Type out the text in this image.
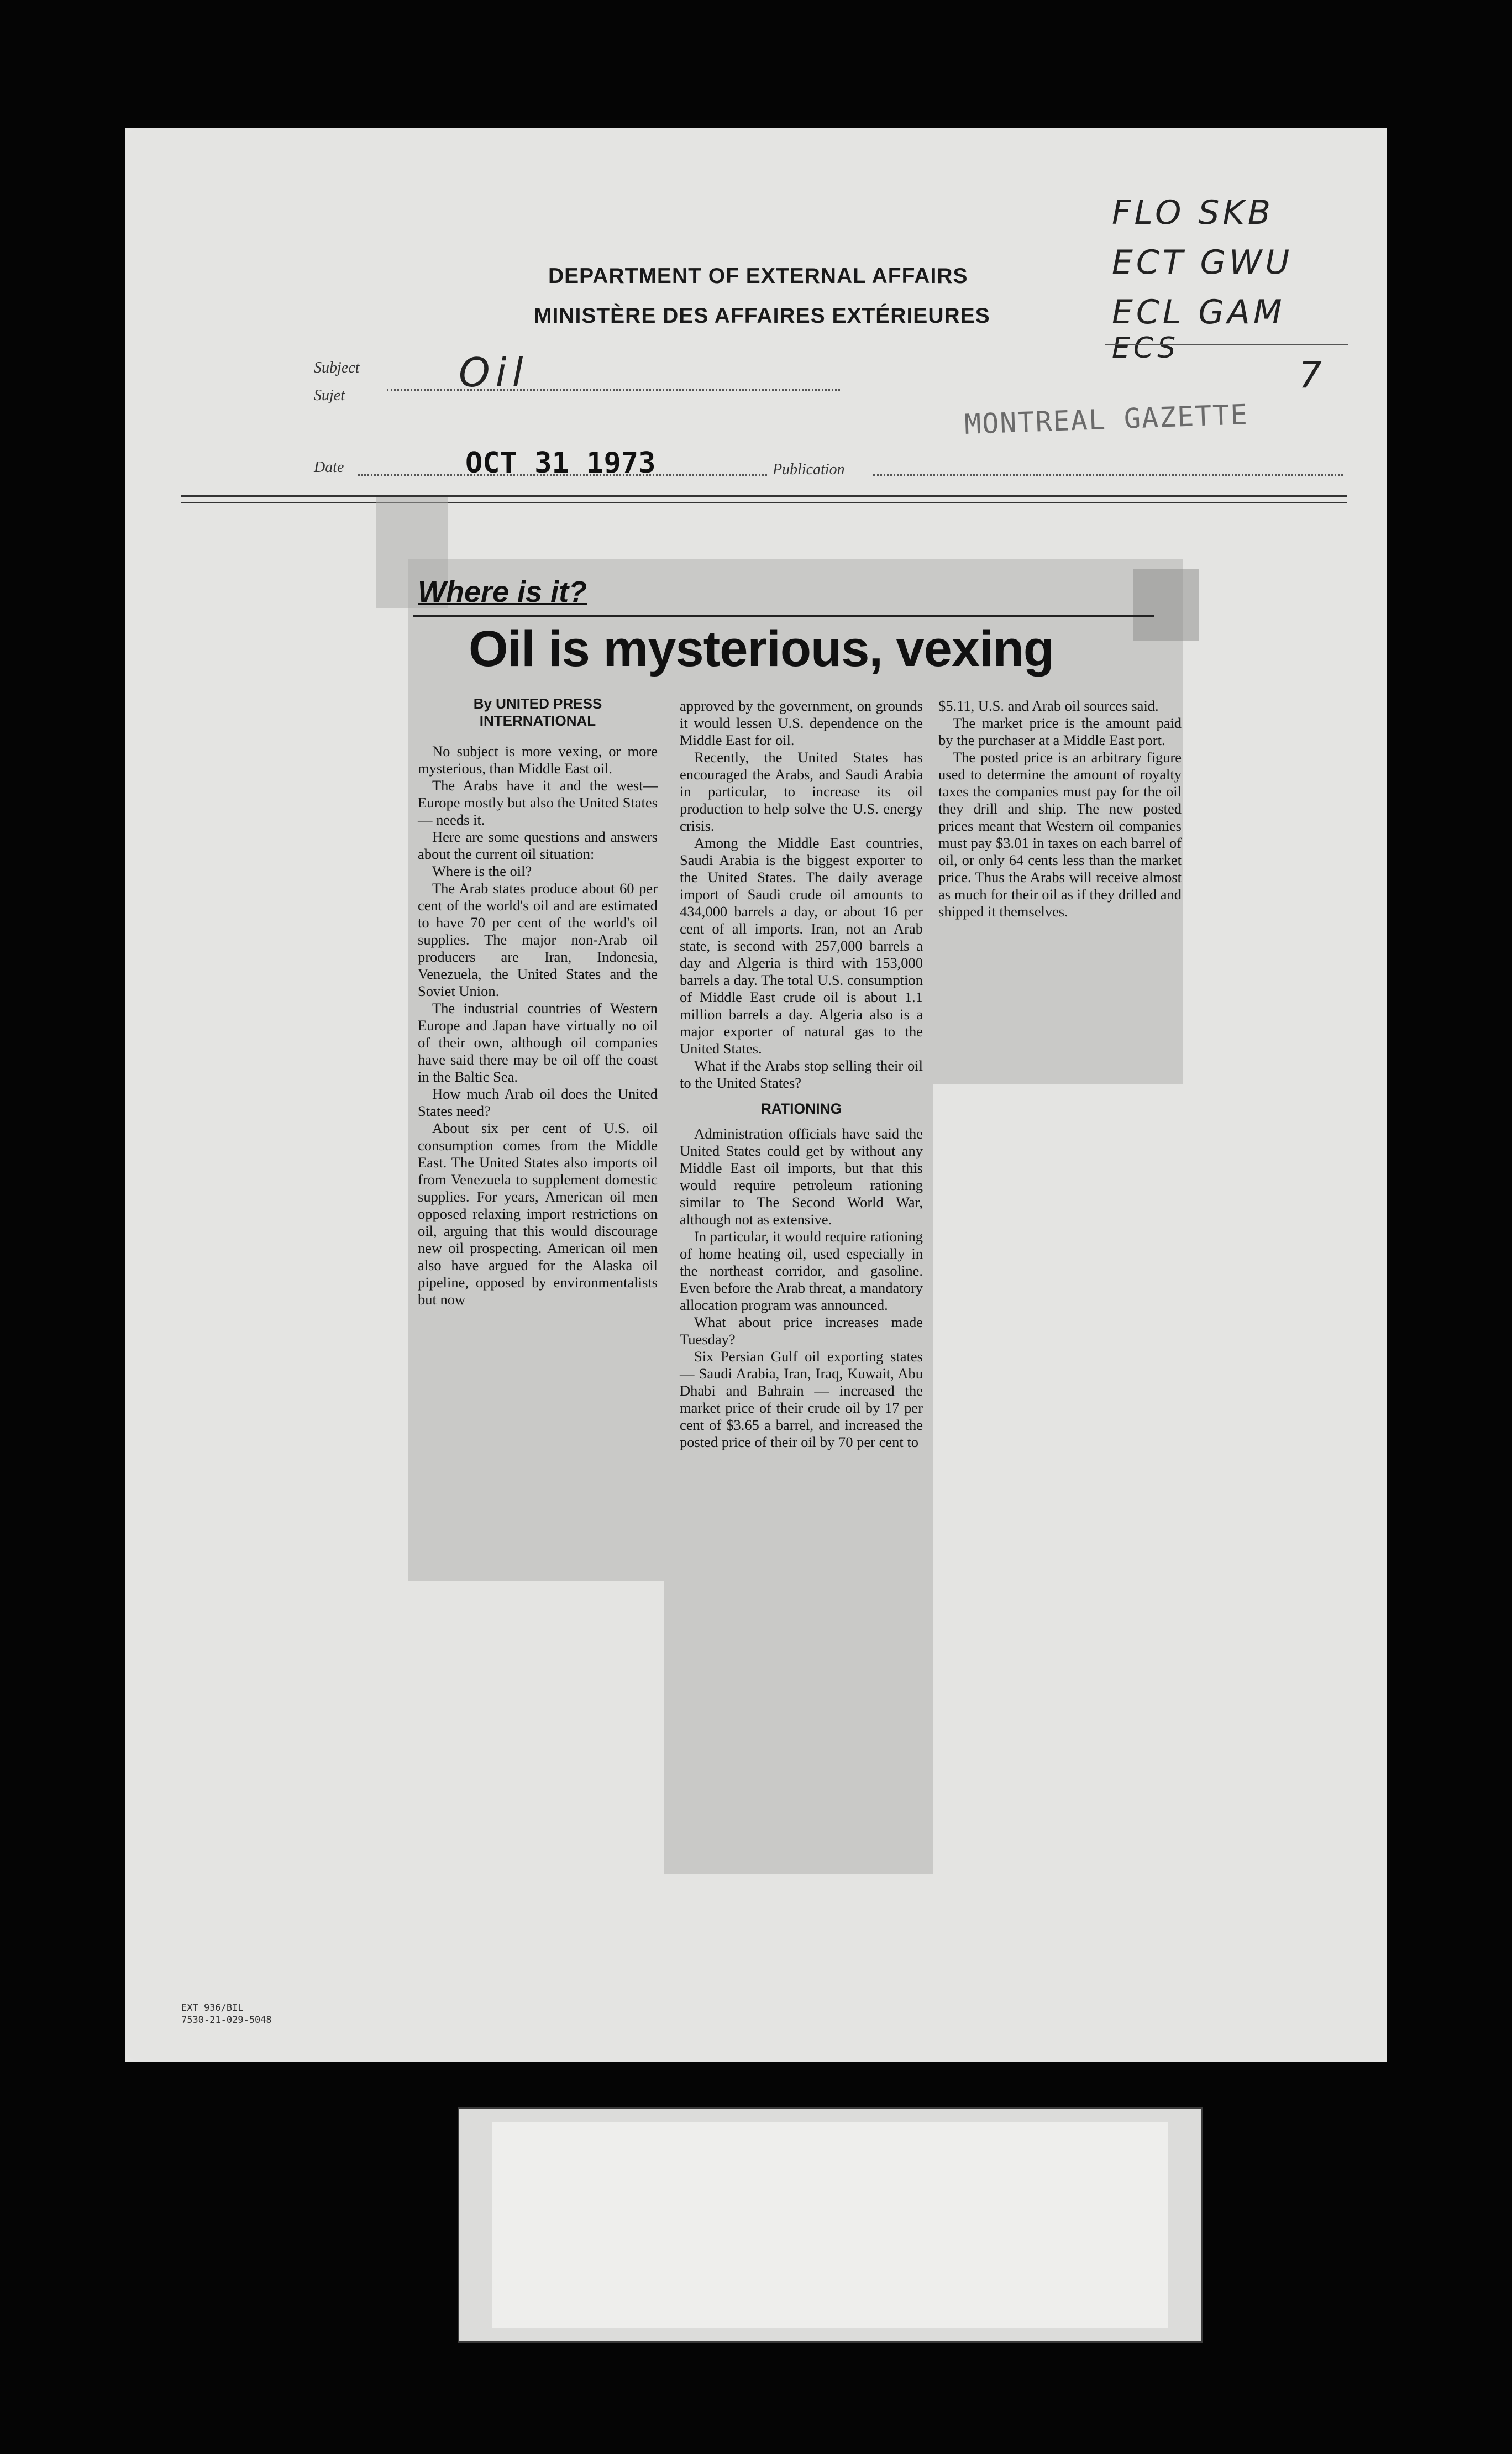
DEPARTMENT OF EXTERNAL AFFAIRS
MINISTÈRE DES AFFAIRES EXTÉRIEURES
FLO SKB
ECT GWU
ECL GAM
ECS
7
Subject
Sujet	Oil
MONTREAL GAZETTE
Date	OCT 31 1973	Publication
Where is it?
Oil is mysterious, vexing

By UNITED PRESS INTERNATIONAL

No subject is more vexing, or more mysterious, than Middle East oil.

The Arabs have it and the west—Europe mostly but also the United States — needs it.

Here are some questions and answers about the current oil situation:

Where is the oil?

The Arab states produce about 60 per cent of the world's oil and are estimated to have 70 per cent of the world's oil supplies. The major non-Arab oil producers are Iran, Indonesia, Venezuela, the United States and the Soviet Union.

The industrial countries of Western Europe and Japan have virtually no oil of their own, although oil companies have said there may be oil off the coast in the Baltic Sea.

How much Arab oil does the United States need?

About six per cent of U.S. oil consumption comes from the Middle East. The United States also imports oil from Venezuela to supplement domestic supplies. For years, American oil men opposed relaxing import restrictions on oil, arguing that this would discourage new oil prospecting. American oil men also have argued for the Alaska oil pipeline, opposed by environmentalists but now

approved by the government, on grounds it would lessen U.S. dependence on the Middle East for oil.

Recently, the United States has encouraged the Arabs, and Saudi Arabia in particular, to increase its oil production to help solve the U.S. energy crisis.

Among the Middle East countries, Saudi Arabia is the biggest exporter to the United States. The daily average import of Saudi crude oil amounts to 434,000 barrels a day, or about 16 per cent of all imports. Iran, not an Arab state, is second with 257,000 barrels a day and Algeria is third with 153,000 barrels a day. The total U.S. consumption of Middle East crude oil is about 1.1 million barrels a day. Algeria also is a major exporter of natural gas to the United States.

What if the Arabs stop selling their oil to the United States?

RATIONING

Administration officials have said the United States could get by without any Middle East oil imports, but that this would require petroleum rationing similar to The Second World War, although not as extensive.

In particular, it would require rationing of home heating oil, used especially in the northeast corridor, and gasoline. Even before the Arab threat, a mandatory allocation program was announced.

What about price increases made Tuesday?

Six Persian Gulf oil exporting states — Saudi Arabia, Iran, Iraq, Kuwait, Abu Dhabi and Bahrain — increased the market price of their crude oil by 17 per cent of $3.65 a barrel, and increased the posted price of their oil by 70 per cent to

$5.11, U.S. and Arab oil sources said.

The market price is the amount paid by the purchaser at a Middle East port.

The posted price is an arbitrary figure used to determine the amount of royalty taxes the companies must pay for the oil they drill and ship. The new posted prices meant that Western oil companies must pay $3.01 in taxes on each barrel of oil, or only 64 cents less than the market price. Thus the Arabs will receive almost as much for their oil as if they drilled and shipped it themselves.

EXT 936/BIL
7530-21-029-5048
